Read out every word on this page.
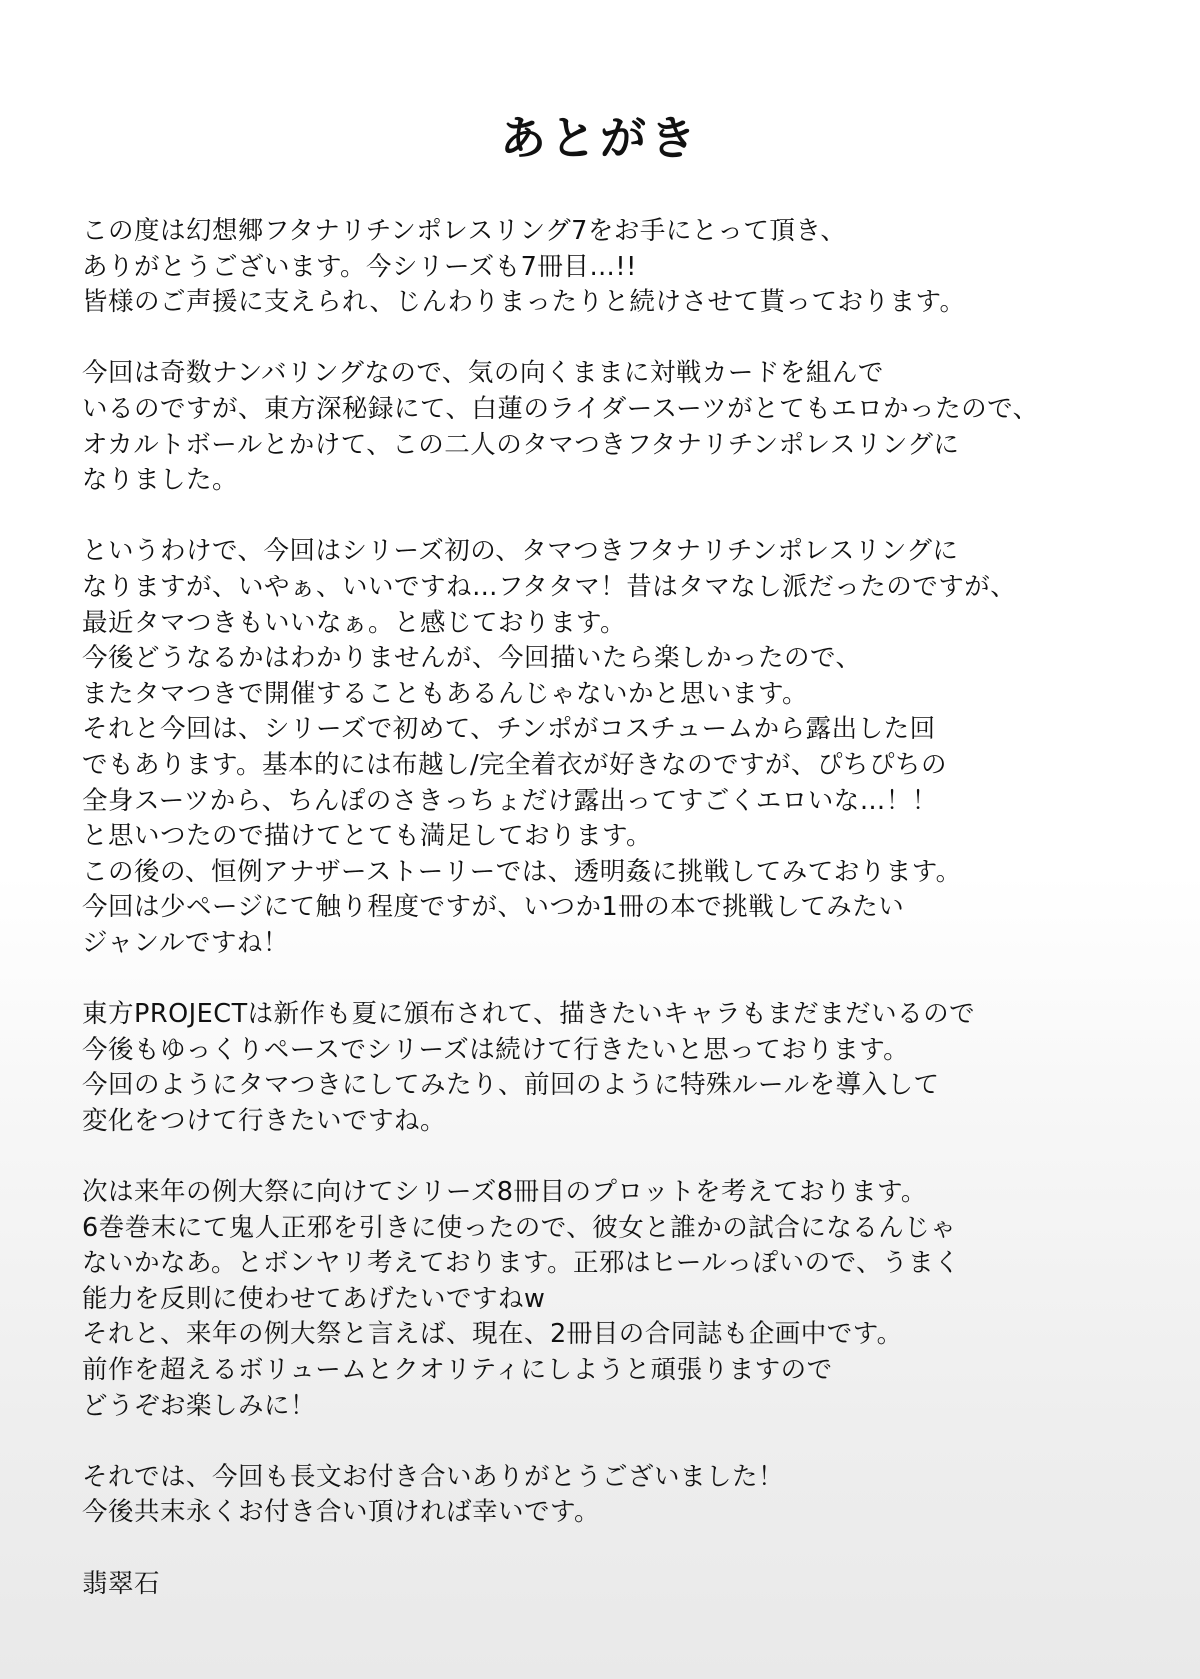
あとがき
この度は幻想郷フタナリチンポレスリング7をお手にとって頂き、
ありがとうございます。今シリーズも7冊目…!!
皆様のご声援に支えられ、じんわりまったりと続けさせて貰っております。
今回は奇数ナンバリングなので、気の向くままに対戦カードを組んで
いるのですが、東方深秘録にて、白蓮のライダースーツがとてもエロかったので、
オカルトボールとかけて、この二人のタマつきフタナリチンポレスリングに
なりました。
というわけで、今回はシリーズ初の、タマつきフタナリチンポレスリングに
なりますが、いやぁ、いいですね…フタタマ！昔はタマなし派だったのですが、
最近タマつきもいいなぁ。と感じております。
今後どうなるかはわかりませんが、今回描いたら楽しかったので、
またタマつきで開催することもあるんじゃないかと思います。
それと今回は、シリーズで初めて、チンポがコスチュームから露出した回
でもあります。基本的には布越し/完全着衣が好きなのですが、ぴちぴちの
全身スーツから、ちんぽのさきっちょだけ露出ってすごくエロいな…！！
と思いつたので描けてとても満足しております。
この後の、恒例アナザーストーリーでは、透明姦に挑戦してみております。
今回は少ページにて触り程度ですが、いつか1冊の本で挑戦してみたい
ジャンルですね！
東方PROJECTは新作も夏に頒布されて、描きたいキャラもまだまだいるので
今後もゆっくりペースでシリーズは続けて行きたいと思っております。
今回のようにタマつきにしてみたり、前回のように特殊ルールを導入して
変化をつけて行きたいですね。
次は来年の例大祭に向けてシリーズ8冊目のプロットを考えております。
6巻巻末にて鬼人正邪を引きに使ったので、彼女と誰かの試合になるんじゃ
ないかなあ。とボンヤリ考えております。正邪はヒールっぽいので、うまく
能力を反則に使わせてあげたいですねw
それと、来年の例大祭と言えば、現在、2冊目の合同誌も企画中です。
前作を超えるボリュームとクオリティにしようと頑張りますので
どうぞお楽しみに！
それでは、今回も長文お付き合いありがとうございました！
今後共末永くお付き合い頂ければ幸いです。
翡翠石
